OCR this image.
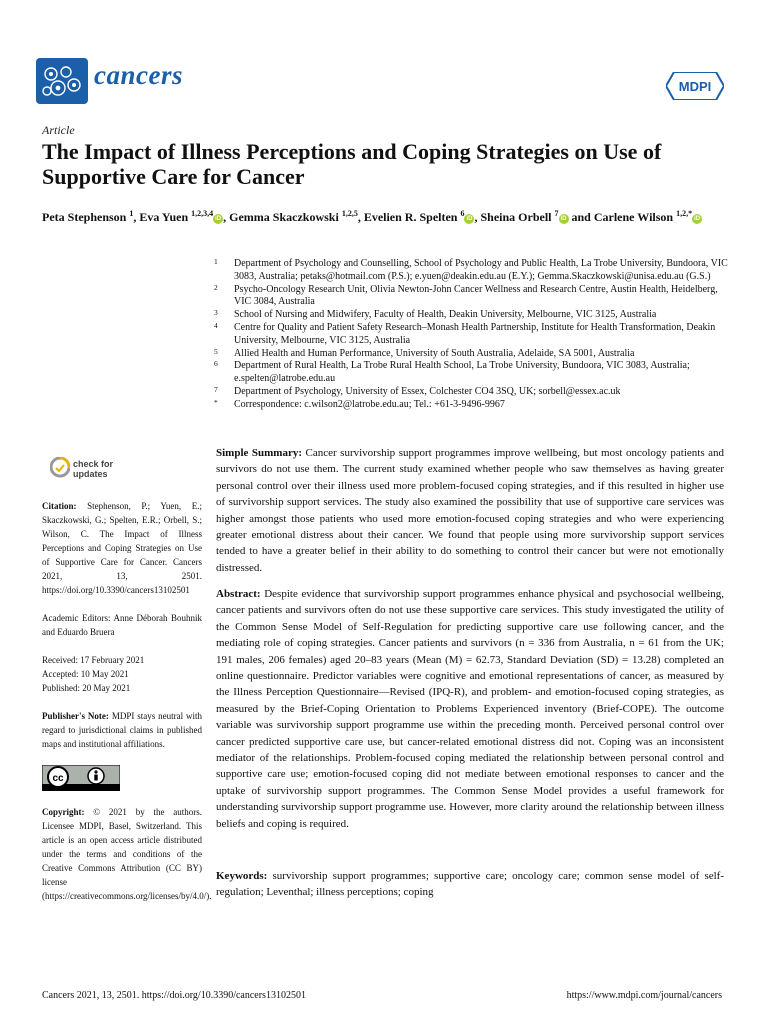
cancers	MDPI
Article
The Impact of Illness Perceptions and Coping Strategies on Use of Supportive Care for Cancer
Peta Stephenson $^1$, Eva Yuen $^{1,2,3,4}$iD , Gemma Skaczkowski $^{1,2,5}$, Evelien R. Spelten $^6$iD , Sheina Orbell $^7$iD and Carlene Wilson $^{1,2,*}$iD
1 Department of Psychology and Counselling, School of Psychology and Public Health, La Trobe University, Bundoora, VIC 3083, Australia; petaks@hotmail.com (P.S.); e.yuen@deakin.edu.au (E.Y.); Gemma.Skaczkowski@unisa.edu.au (G.S.)
2 Psycho-Oncology Research Unit, Olivia Newton-John Cancer Wellness and Research Centre, Austin Health, Heidelberg, VIC 3084, Australia
3 School of Nursing and Midwifery, Faculty of Health, Deakin University, Melbourne, VIC 3125, Australia
4 Centre for Quality and Patient Safety Research–Monash Health Partnership, Institute for Health Transformation, Deakin University, Melbourne, VIC 3125, Australia
5 Allied Health and Human Performance, University of South Australia, Adelaide, SA 5001, Australia
6 Department of Rural Health, La Trobe Rural Health School, La Trobe University, Bundoora, VIC 3083, Australia; e.spelten@latrobe.edu.au
7 Department of Psychology, University of Essex, Colchester CO4 3SQ, UK; sorbell@essex.ac.uk
* Correspondence: c.wilson2@latrobe.edu.au; Tel.: +61-3-9496-9967
check for
updates
Citation: Stephenson, P.; Yuen, E.; Skaczkowski, G.; Spelten, E.R.; Orbell, S.; Wilson, C. The Impact of Illness Perceptions and Coping Strategies on Use of Supportive Care for Cancer. Cancers 2021, 13, 2501. https://doi.org/10.3390/cancers13102501
Academic Editors: Anne Déborah Bouhnik and Eduardo Bruera
Received: 17 February 2021
Accepted: 10 May 2021
Published: 20 May 2021
Publisher's Note: MDPI stays neutral with regard to jurisdictional claims in published maps and institutional affiliations.
cc
Copyright: © 2021 by the authors. Licensee MDPI, Basel, Switzerland. This article is an open access article distributed under the terms and conditions of the Creative Commons Attribution (CC BY) license (https://creativecommons.org/licenses/by/4.0/).
Simple Summary: Cancer survivorship support programmes improve wellbeing, but most oncology patients and survivors do not use them. The current study examined whether people who saw themselves as having greater personal control over their illness used more problem-focused coping strategies, and if this resulted in higher use of survivorship support services. The study also examined the possibility that use of supportive care services was higher amongst those patients who used more emotion-focused coping strategies and who were experiencing greater emotional distress about their cancer. We found that people using more survivorship support services tended to have a greater belief in their ability to do something to control their cancer but were not emotionally distressed.
Abstract: Despite evidence that survivorship support programmes enhance physical and psychosocial wellbeing, cancer patients and survivors often do not use these supportive care services. This study investigated the utility of the Common Sense Model of Self-Regulation for predicting supportive care use following cancer, and the mediating role of coping strategies. Cancer patients and survivors (n = 336 from Australia, n = 61 from the UK; 191 males, 206 females) aged 20–83 years (Mean (M) = 62.73, Standard Deviation (SD) = 13.28) completed an online questionnaire. Predictor variables were cognitive and emotional representations of cancer, as measured by the Illness Perception Questionnaire—Revised (IPQ-R), and problem- and emotion-focused coping strategies, as measured by the Brief-Coping Orientation to Problems Experienced inventory (Brief-COPE). The outcome variable was survivorship support programme use within the preceding month. Perceived personal control over cancer predicted supportive care use, but cancer-related emotional distress did not. Coping was an inconsistent mediator of the relationships. Problem-focused coping mediated the relationship between personal control and supportive care use; emotion-focused coping did not mediate between emotional responses to cancer and the uptake of survivorship support programmes. The Common Sense Model provides a useful framework for understanding survivorship support programme use. However, more clarity around the relationship between illness beliefs and coping is required.
Keywords: survivorship support programmes; supportive care; oncology care; common sense model of self-regulation; Leventhal; illness perceptions; coping
Cancers 2021, 13, 2501. https://doi.org/10.3390/cancers13102501	https://www.mdpi.com/journal/cancers
